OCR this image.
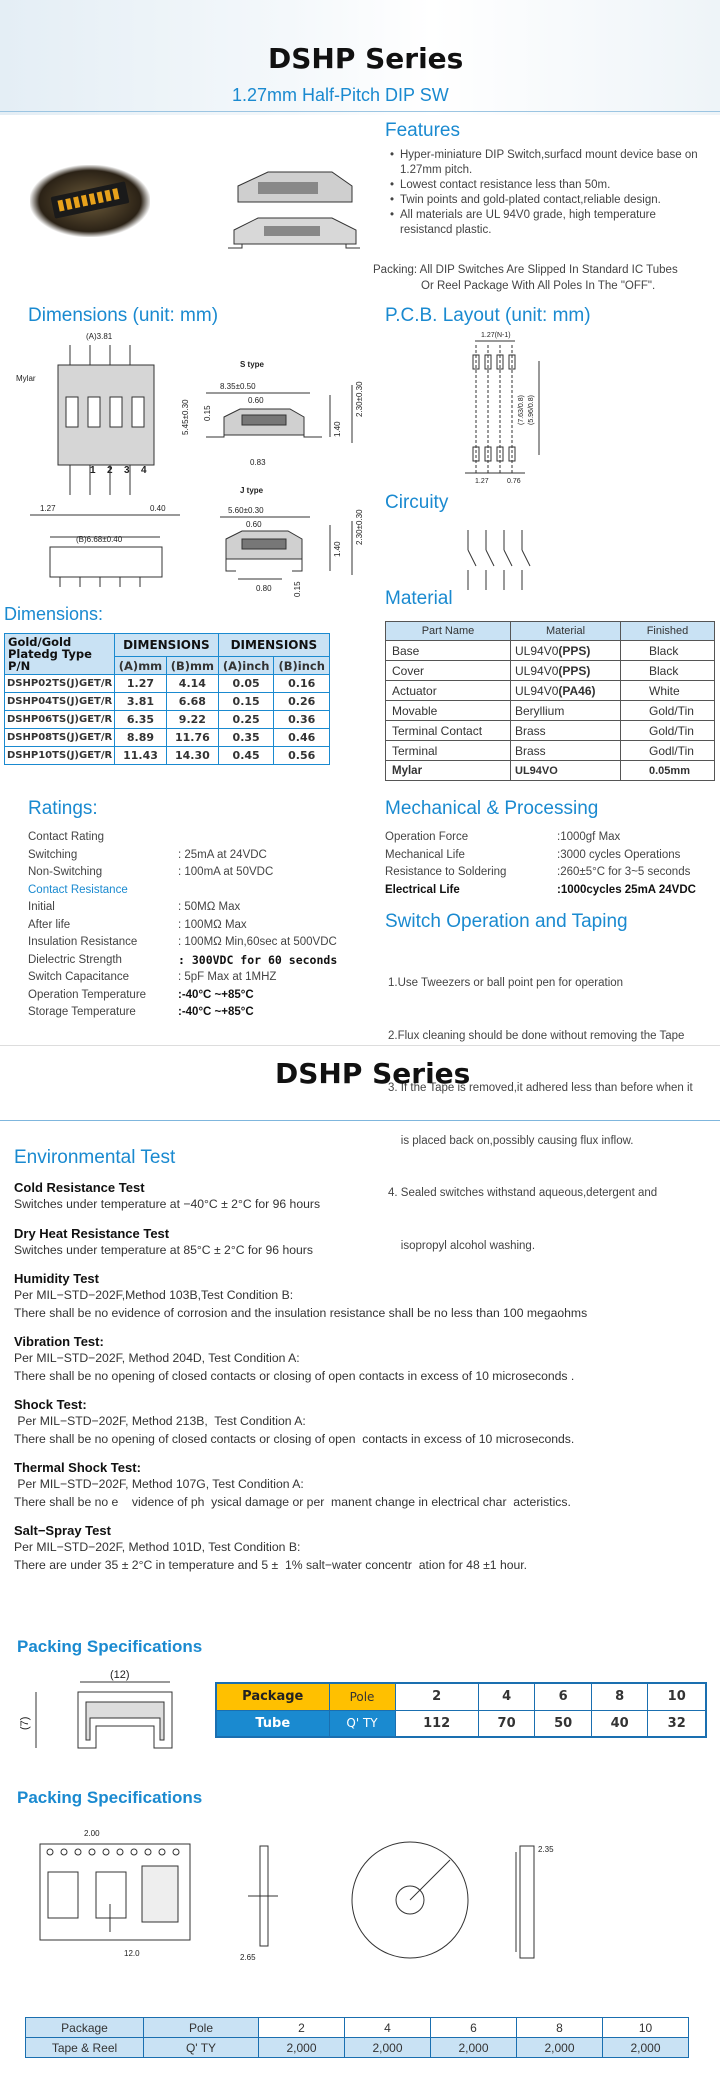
DSHP Series
1.27mm Half-Pitch DIP SW
Features
• Hyper-miniature DIP Switch,surfacd mount device base on 1.27mm pitch.
• Lowest contact resistance less than 50m.
• Twin points and gold-plated contact,reliable design.
• All materials are UL 94V0 grade, high temperature resistancd plastic.
Packing: All DIP Switches Are Slipped In Standard IC Tubes
Or Reel Package With All Poles In The "OFF".
Dimensions (unit: mm)	P.C.B. Layout (unit: mm)
(A)3.81
Mylar
S type
8.35±0.50
0.60
0.83
J type
5.60±0.30
0.60
0.80
1.27	0.40
(B)6.68±0.40
1 2 3 4
5.45±0.30 0.15	2.30±0.30
1.40
2.30±0.30
1.40
0.15
1.27(N-1)
(7.63/0.8) (5.96/0.8)
1.27	0.76
Circuity
Material
Dimensions:
Gold/Gold
Platedg Type
P/N	DIMENSIONS		DIMENSIONS	
	(A)mm	(B)mm	(A)inch	(B)inch
DSHP02TS(J)GET/R	1.27	4.14	0.05	0.16
DSHP04TS(J)GET/R	3.81	6.68	0.15	0.26
DSHP06TS(J)GET/R	6.35	9.22	0.25	0.36
DSHP08TS(J)GET/R	8.89	11.76	0.35	0.46
DSHP10TS(J)GET/R	11.43	14.30	0.45	0.56
Part Name	Material	Finished
Base	UL94V0(PPS)	Black
Cover	UL94V0(PPS)	Black
Actuator	UL94V0(PA46)	White
Movable	Beryllium	Gold/Tin
Terminal Contact	Brass	Gold/Tin
Terminal	Brass	Godl/Tin
Mylar	UL94VO	0.05mm
Ratings:
Contact Rating
Switching	: 25mA at 24VDC
Non-Switching	: 100mA at 50VDC
Contact Resistance
Initial	: 50MΩ Max
After life	: 100MΩ Max
Insulation Resistance	: 100MΩ Min,60sec at 500VDC
Dielectric Strength	: 300VDC for 60 seconds
Switch Capacitance	: 5pF Max at 1MHZ
Operation Temperature	:-40°C ~+85°C
Storage Temperature	:-40°C ~+85°C
Mechanical & Processing
Operation Force	:1000gf Max
Mechanical Life	:3000 cycles Operations
Resistance to Soldering	:260±5°C for 3~5 seconds
Electrical Life	:1000cycles 25mA 24VDC
Switch Operation and Taping

1.Use Tweezers or ball point pen for operation

2.Flux cleaning should be done without removing the Tape

3. If the Tape is removed,it adhered less than before when it

is placed back on,possibly causing flux inflow.

4. Sealed switches withstand aqueous,detergent and

isopropyl alcohol washing.

DSHP Series
Environmental Test
Cold Resistance Test

Switches under temperature at −40°C ± 2°C for 96 hours

Dry Heat Resistance Test

Switches under temperature at 85°C ± 2°C for 96 hours

Humidity Test

Per MIL−STD−202F,Method 103B,Test Condition B:

There shall be no evidence of corrosion and the insulation resistance shall be no less than 100 megaohms

Vibration Test:

Per MIL−STD−202F, Method 204D, Test Condition A:

There shall be no opening of closed contacts or closing of open contacts in excess of 10 microseconds .

Shock Test:

Per MIL−STD−202F, Method 213B,  Test Condition A:

There shall be no opening of closed contacts or closing of open  contacts in excess of 10 microseconds.

Thermal Shock Test:

Per MIL−STD−202F, Method 107G, Test Condition A:

There shall be no e    vidence of ph  ysical damage or per  manent change in electrical char  acteristics.

Salt−Spray Test

Per MIL−STD−202F, Method 101D, Test Condition B:

There are under 35 ± 2°C in temperature and 5 ±  1% salt−water concentr  ation for 48 ±1 hour.

Packing Specifications
(12)
(7)
Package	Pole	2	4	6	8	10
Tube	Q' TY	112	70	50	40	32
Packing Specifications
2.00
12.0	2.65
2.35
Package	Pole	2	4	6	8	10
Tape & Reel	Q' TY	2,000	2,000	2,000	2,000	2,000
